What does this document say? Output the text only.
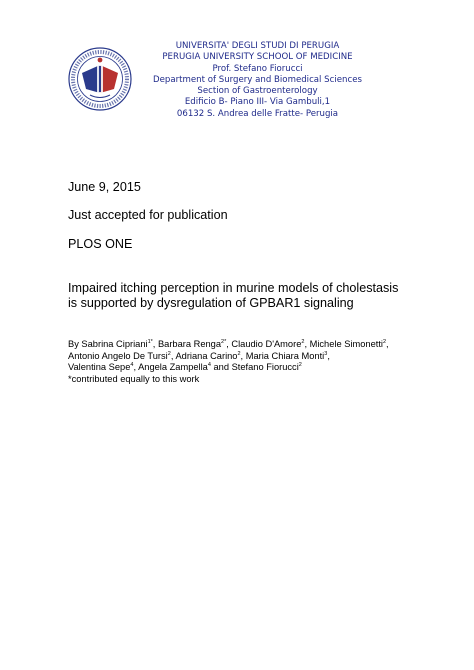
UNIVERSITA' DEGLI STUDI DI PERUGIA
PERUGIA UNIVERSITY SCHOOL OF MEDICINE
Prof. Stefano Fiorucci
Department of Surgery and Biomedical Sciences
Section of Gastroenterology
Edificio B- Piano III- Via Gambuli,1
06132 S. Andrea delle Fratte- Perugia
June 9, 2015
Just accepted for publication
PLOS ONE
Impaired itching perception in murine models of cholestasis
is supported by dysregulation of GPBAR1 signaling
By Sabrina Cipriani$^{1*}$, Barbara Renga$^{2*}$, Claudio D'Amore$^2$, Michele Simonetti$^2$,
Antonio Angelo De Tursi$^2$, Adriana Carino$^2$, Maria Chiara Monti$^3$,
Valentina Sepe$^4$, Angela Zampella$^4$ and Stefano Fiorucci$^2$
*contributed equally to this work
